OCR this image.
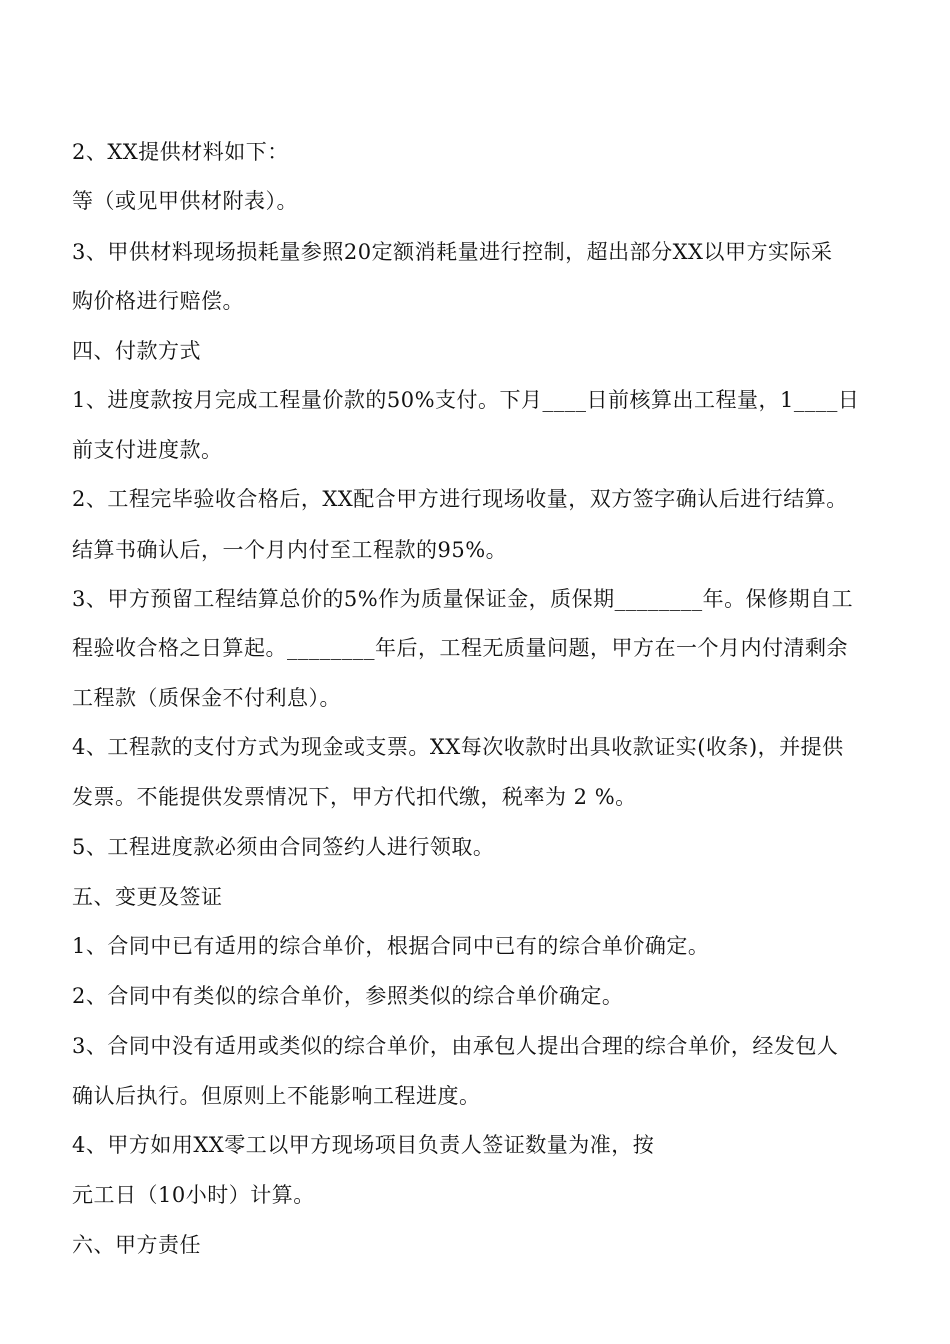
2、XX提供材料如下：
等（或见甲供材附表）。
3、甲供材料现场损耗量参照20定额消耗量进行控制，超出部分XX以甲方实际采
购价格进行赔偿。
四、付款方式
1、进度款按月完成工程量价款的50%支付。下月____日前核算出工程量，1____日
前支付进度款。
2、工程完毕验收合格后，XX配合甲方进行现场收量，双方签字确认后进行结算。
结算书确认后，一个月内付至工程款的95%。
3、甲方预留工程结算总价的5%作为质量保证金，质保期________年。保修期自工
程验收合格之日算起。________年后，工程无质量问题，甲方在一个月内付清剩余
工程款（质保金不付利息）。
4、工程款的支付方式为现金或支票。XX每次收款时出具收款证实(收条)，并提供
发票。不能提供发票情况下，甲方代扣代缴，税率为 2 %。
5、工程进度款必须由合同签约人进行领取。
五、变更及签证
1、合同中已有适用的综合单价，根据合同中已有的综合单价确定。
2、合同中有类似的综合单价，参照类似的综合单价确定。
3、合同中没有适用或类似的综合单价，由承包人提出合理的综合单价，经发包人
确认后执行。但原则上不能影响工程进度。
4、甲方如用XX零工以甲方现场项目负责人签证数量为准，按
元工日（10小时）计算。
六、甲方责任
